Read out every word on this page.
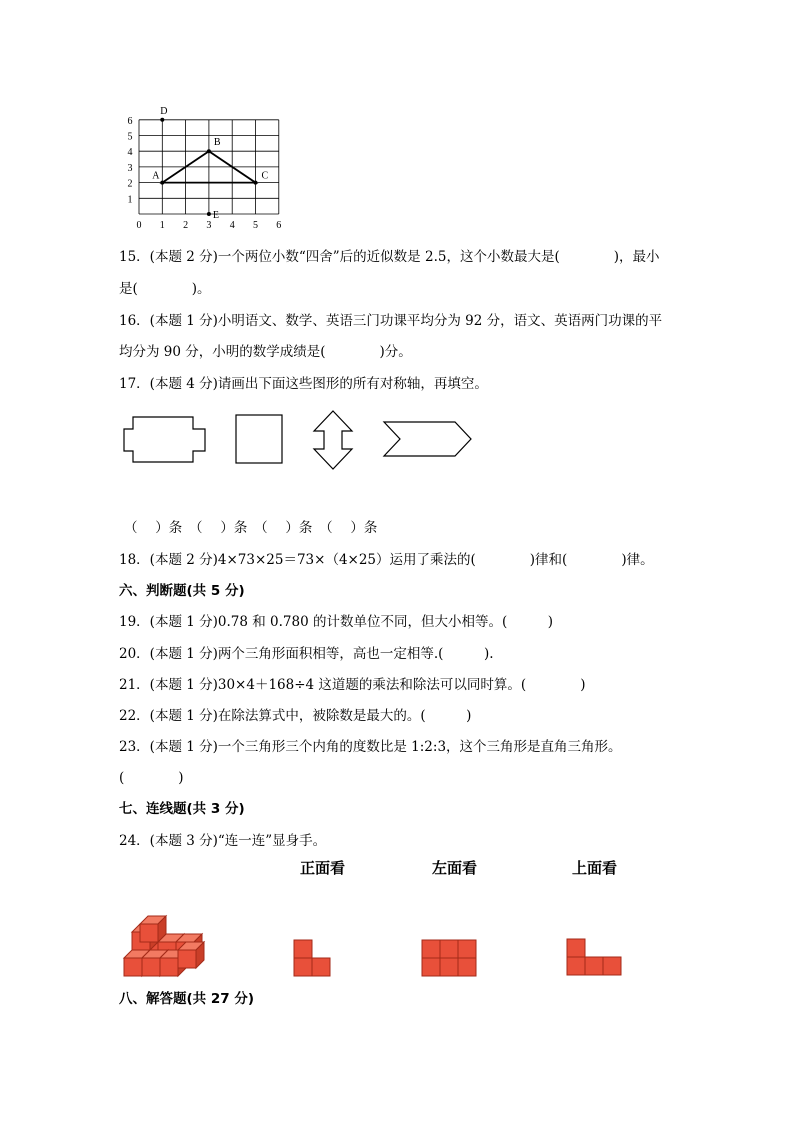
0 1 2 3 4 5 6
1
2
3
4
5
6
A
B
C
D
E
15．(本题 2 分)一个两位小数“四舍”后的近似数是 2.5，这个小数最大是(　　　　)，最小
是(　　　　)。
16．(本题 1 分)小明语文、数学、英语三门功课平均分为 92 分，语文、英语两门功课的平
均分为 90 分，小明的数学成绩是(　　　　)分。
17．(本题 4 分)请画出下面这些图形的所有对称轴，再填空。
（　 ）条　（　 ）条　（　 ）条　（　 ）条
18．(本题 2 分)4×73×25＝73×（4×25）运用了乘法的(　　　　)律和(　　　　)律。
六、判断题(共 5 分)
19．(本题 1 分)0.78 和 0.780 的计数单位不同，但大小相等。(　　　)
20．(本题 1 分)两个三角形面积相等，高也一定相等.(　　　).
21．(本题 1 分)30×4＋168÷4 这道题的乘法和除法可以同时算。(　　　　)
22．(本题 1 分)在除法算式中，被除数是最大的。(　　　)
23．(本题 1 分)一个三角形三个内角的度数比是 1:2:3，这个三角形是直角三角形。
(　　　　)
七、连线题(共 3 分)
24．(本题 3 分)“连一连”显身手。
正面看	左面看	上面看
八、解答题(共 27 分)
